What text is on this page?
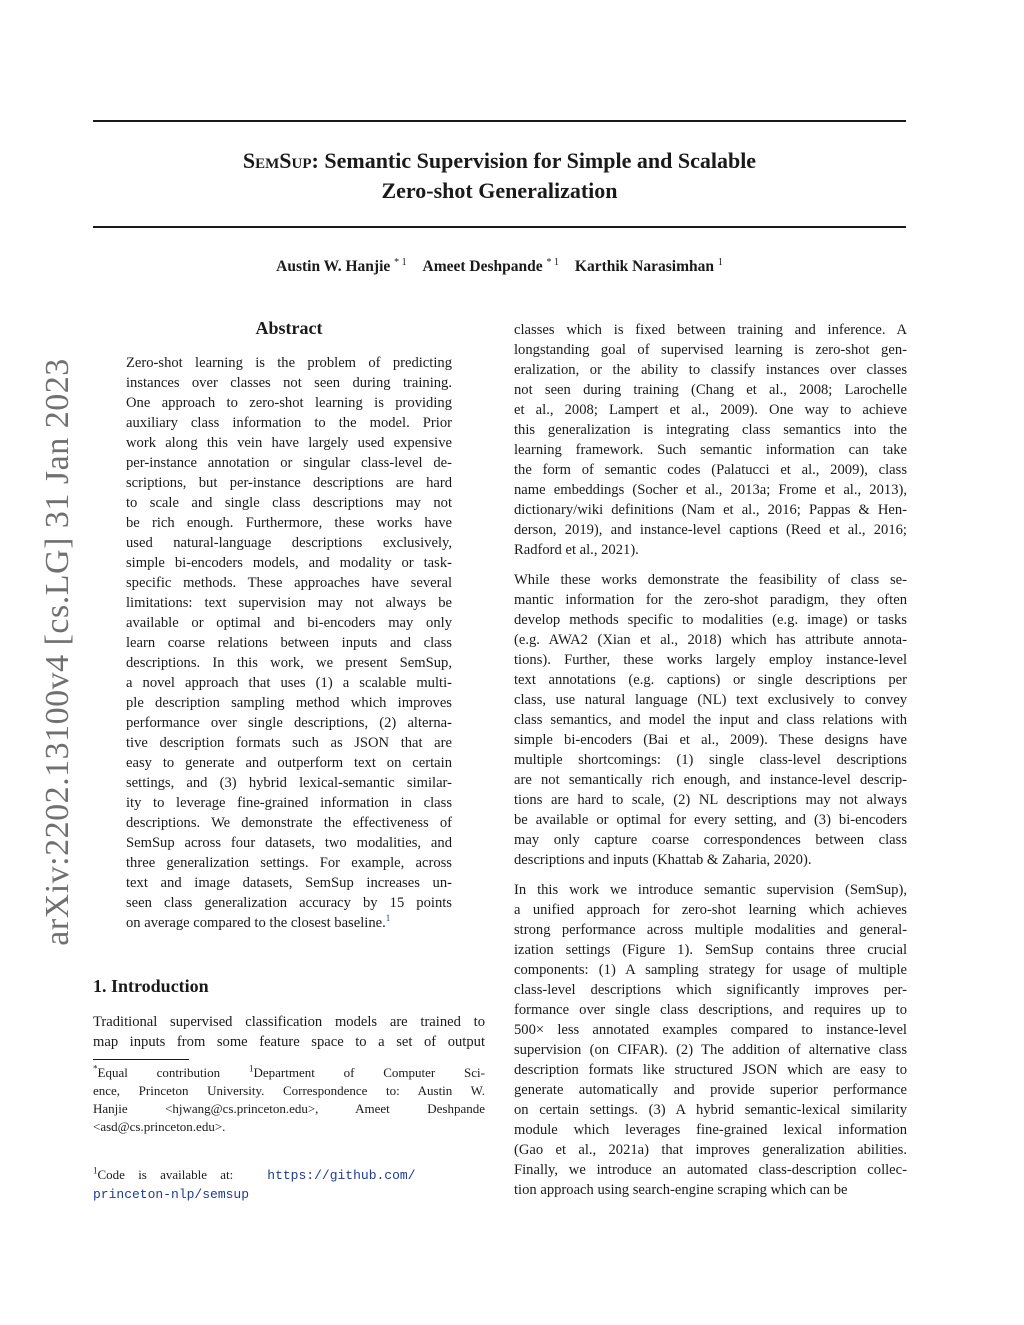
SemSup: Semantic Supervision for Simple and Scalable
Zero-shot Generalization
Austin W. Hanjie $^{* 1}$ Ameet Deshpande $^{* 1}$ Karthik Narasimhan $^1$
arXiv:2202.13100v4 [cs.LG] 31 Jan 2023
Abstract
Zero-shot learning is the problem of predicting
instances over classes not seen during training.
One approach to zero-shot learning is providing
auxiliary class information to the model. Prior
work along this vein have largely used expensive
per-instance annotation or singular class-level de-
scriptions, but per-instance descriptions are hard
to scale and single class descriptions may not
be rich enough. Furthermore, these works have
used natural-language descriptions exclusively,
simple bi-encoders models, and modality or task-
specific methods. These approaches have several
limitations: text supervision may not always be
available or optimal and bi-encoders may only
learn coarse relations between inputs and class
descriptions. In this work, we present SemSup,
a novel approach that uses (1) a scalable multi-
ple description sampling method which improves
performance over single descriptions, (2) alterna-
tive description formats such as JSON that are
easy to generate and outperform text on certain
settings, and (3) hybrid lexical-semantic similar-
ity to leverage fine-grained information in class
descriptions. We demonstrate the effectiveness of
SemSup across four datasets, two modalities, and
three generalization settings. For example, across
text and image datasets, SemSup increases un-
seen class generalization accuracy by 15 points
on average compared to the closest baseline.$^1$
1. Introduction
Traditional supervised classification models are trained to
map inputs from some feature space to a set of output
*Equal contribution	$^1$Department of Computer Sci-
ence, Princeton University. Correspondence to: Austin W.
Hanjie <hjwang@cs.princeton.edu>, Ameet Deshpande
<asd@cs.princeton.edu>.
$^1$Code is available at:	https://github.com/
princeton-nlp/semsup
classes which is fixed between training and inference. A
longstanding goal of supervised learning is zero-shot gen-
eralization, or the ability to classify instances over classes
not seen during training (Chang et al., 2008; Larochelle
et al., 2008; Lampert et al., 2009). One way to achieve
this generalization is integrating class semantics into the
learning framework. Such semantic information can take
the form of semantic codes (Palatucci et al., 2009), class
name embeddings (Socher et al., 2013a; Frome et al., 2013),
dictionary/wiki definitions (Nam et al., 2016; Pappas & Hen-
derson, 2019), and instance-level captions (Reed et al., 2016;
Radford et al., 2021).
While these works demonstrate the feasibility of class se-
mantic information for the zero-shot paradigm, they often
develop methods specific to modalities (e.g. image) or tasks
(e.g. AWA2 (Xian et al., 2018) which has attribute annota-
tions). Further, these works largely employ instance-level
text annotations (e.g. captions) or single descriptions per
class, use natural language (NL) text exclusively to convey
class semantics, and model the input and class relations with
simple bi-encoders (Bai et al., 2009). These designs have
multiple shortcomings: (1) single class-level descriptions
are not semantically rich enough, and instance-level descrip-
tions are hard to scale, (2) NL descriptions may not always
be available or optimal for every setting, and (3) bi-encoders
may only capture coarse correspondences between class
descriptions and inputs (Khattab & Zaharia, 2020).
In this work we introduce semantic supervision (SemSup),
a unified approach for zero-shot learning which achieves
strong performance across multiple modalities and general-
ization settings (Figure 1). SemSup contains three crucial
components: (1) A sampling strategy for usage of multiple
class-level descriptions which significantly improves per-
formance over single class descriptions, and requires up to
500× less annotated examples compared to instance-level
supervision (on CIFAR). (2) The addition of alternative class
description formats like structured JSON which are easy to
generate automatically and provide superior performance
on certain settings. (3) A hybrid semantic-lexical similarity
module which leverages fine-grained lexical information
(Gao et al., 2021a) that improves generalization abilities.
Finally, we introduce an automated class-description collec-
tion approach using search-engine scraping which can be
